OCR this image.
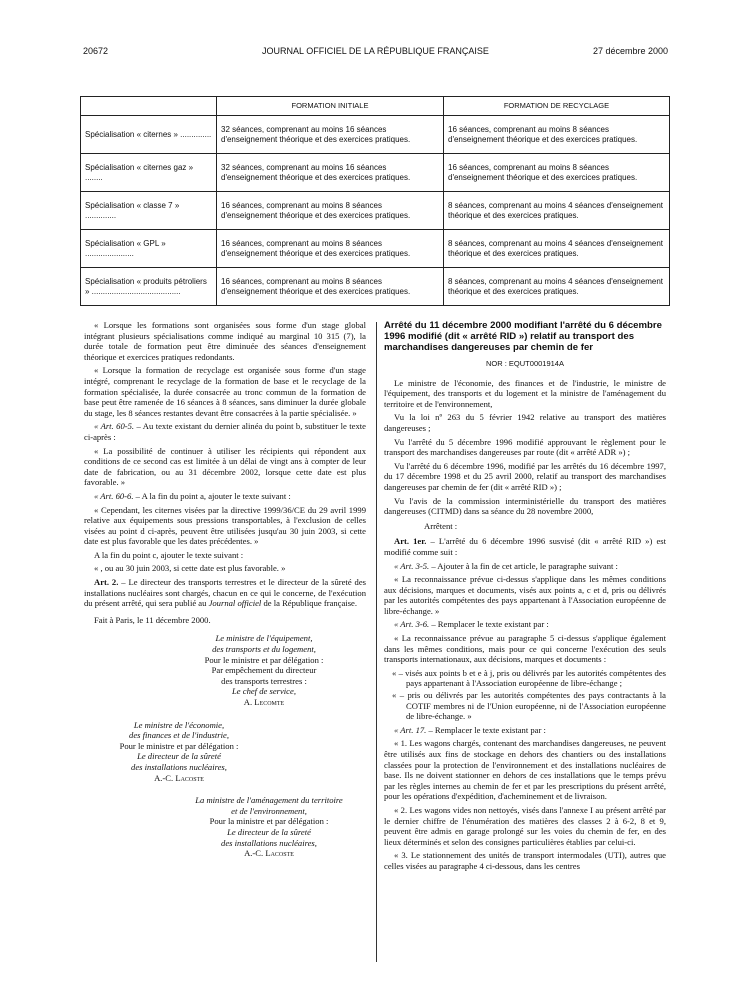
20672	JOURNAL OFFICIEL DE LA RÉPUBLIQUE FRANÇAISE	27 décembre 2000
	FORMATION INITIALE	FORMATION DE RECYCLAGE
Spécialisation « citernes » ..............	32 séances, comprenant au moins 16 séances d'enseignement théorique et des exercices pratiques.	16 séances, comprenant au moins 8 séances d'enseignement théorique et des exercices pratiques.
Spécialisation « citernes gaz » ........	32 séances, comprenant au moins 16 séances d'enseignement théorique et des exercices pratiques.	16 séances, comprenant au moins 8 séances d'enseignement théorique et des exercices pratiques.
Spécialisation « classe 7 » ..............	16 séances, comprenant au moins 8 séances d'enseignement théorique et des exercices pratiques.	8 séances, comprenant au moins 4 séances d'enseignement théorique et des exercices pratiques.
Spécialisation « GPL » ......................	16 séances, comprenant au moins 8 séances d'enseignement théorique et des exercices pratiques.	8 séances, comprenant au moins 4 séances d'enseignement théorique et des exercices pratiques.
Spécialisation « produits pétroliers » ........................................	16 séances, comprenant au moins 8 séances d'enseignement théorique et des exercices pratiques.	8 séances, comprenant au moins 4 séances d'enseignement théorique et des exercices pratiques.

« Lorsque les formations sont organisées sous forme d'un stage global intégrant plusieurs spécialisations comme indiqué au marginal 10 315 (7), la durée totale de formation peut être diminuée des séances d'enseignement théorique et exercices pratiques redondants.

« Lorsque la formation de recyclage est organisée sous forme d'un stage intégré, comprenant le recyclage de la formation de base et le recyclage de la formation spécialisée, la durée consacrée au tronc commun de la formation de base peut être ramenée de 16 séances à 8 séances, sans diminuer la durée globale du stage, les 8 séances restantes devant être consacrées à la partie spécialisée. »

« Art. 60-5. – Au texte existant du dernier alinéa du point b, substituer le texte ci-après :

« La possibilité de continuer à utiliser les récipients qui répondent aux conditions de ce second cas est limitée à un délai de vingt ans à compter de leur date de fabrication, ou au 31 décembre 2002, lorsque cette date est plus favorable. »

« Art. 60-6. – A la fin du point a, ajouter le texte suivant :

« Cependant, les citernes visées par la directive 1999/36/CE du 29 avril 1999 relative aux équipements sous pressions transportables, à l'exclusion de celles visées au point d ci-après, peuvent être utilisées jusqu'au 30 juin 2003, si cette date est plus favorable que les dates précédentes. »

A la fin du point c, ajouter le texte suivant :

« , ou au 30 juin 2003, si cette date est plus favorable. »

Art. 2. – Le directeur des transports terrestres et le directeur de la sûreté des installations nucléaires sont chargés, chacun en ce qui le concerne, de l'exécution du présent arrêté, qui sera publié au Journal officiel de la République française.

Fait à Paris, le 11 décembre 2000.

Le ministre de l'équipement,
des transports et du logement,
Pour le ministre et par délégation :
Par empêchement du directeur
des transports terrestres :
Le chef de service,
A. Lecomte
Le ministre de l'économie,
des finances et de l'industrie,
Pour le ministre et par délégation :
Le directeur de la sûreté
des installations nucléaires,
A.-C. Lacoste
La ministre de l'aménagement du territoire
et de l'environnement,
Pour la ministre et par délégation :
Le directeur de la sûreté
des installations nucléaires,
A.-C. Lacoste
Arrêté du 11 décembre 2000 modifiant l'arrêté du 6 décembre 1996 modifié (dit « arrêté RID ») relatif au transport des marchandises dangereuses par chemin de fer
NOR : EQUT0001914A

Le ministre de l'économie, des finances et de l'industrie, le ministre de l'équipement, des transports et du logement et la ministre de l'aménagement du territoire et de l'environnement,

Vu la loi nº 263 du 5 février 1942 relative au transport des matières dangereuses ;

Vu l'arrêté du 5 décembre 1996 modifié approuvant le règlement pour le transport des marchandises dangereuses par route (dit « arrêté ADR ») ;

Vu l'arrêté du 6 décembre 1996, modifié par les arrêtés du 16 décembre 1997, du 17 décembre 1998 et du 25 avril 2000, relatif au transport des marchandises dangereuses par chemin de fer (dit « arrêté RID ») ;

Vu l'avis de la commission interministérielle du transport des matières dangereuses (CITMD) dans sa séance du 28 novembre 2000,

Arrêtent :

Art. 1er. – L'arrêté du 6 décembre 1996 susvisé (dit « arrêté RID ») est modifié comme suit :

« Art. 3-5. – Ajouter à la fin de cet article, le paragraphe suivant :

« La reconnaissance prévue ci-dessus s'applique dans les mêmes conditions aux décisions, marques et documents, visés aux points a, c et d, pris ou délivrés par les autorités compétentes des pays appartenant à l'Association européenne de libre-échange. »

« Art. 3-6. – Remplacer le texte existant par :

« La reconnaissance prévue au paragraphe 5 ci-dessus s'applique également dans les mêmes conditions, mais pour ce qui concerne l'exécution des seuls transports internationaux, aux décisions, marques et documents :

« – visés aux points b et e à j, pris ou délivrés par les autorités compétentes des pays appartenant à l'Association européenne de libre-échange ;
« – pris ou délivrés par les autorités compétentes des pays contractants à la COTIF membres ni de l'Union européenne, ni de l'Association européenne de libre-échange. »

« Art. 17. – Remplacer le texte existant par :

« 1. Les wagons chargés, contenant des marchandises dangereuses, ne peuvent être utilisés aux fins de stockage en dehors des chantiers ou des installations classées pour la protection de l'environnement et des installations nucléaires de base. Ils ne doivent stationner en dehors de ces installations que le temps prévu par les règles internes au chemin de fer et par les prescriptions du présent arrêté, pour les opérations d'expédition, d'acheminement et de livraison.

« 2. Les wagons vides non nettoyés, visés dans l'annexe I au présent arrêté par le dernier chiffre de l'énumération des matières des classes 2 à 6-2, 8 et 9, peuvent être admis en garage prolongé sur les voies du chemin de fer, en des lieux déterminés et selon des consignes particulières établies par celui-ci.

« 3. Le stationnement des unités de transport intermodales (UTI), autres que celles visées au paragraphe 4 ci-dessous, dans les centres
